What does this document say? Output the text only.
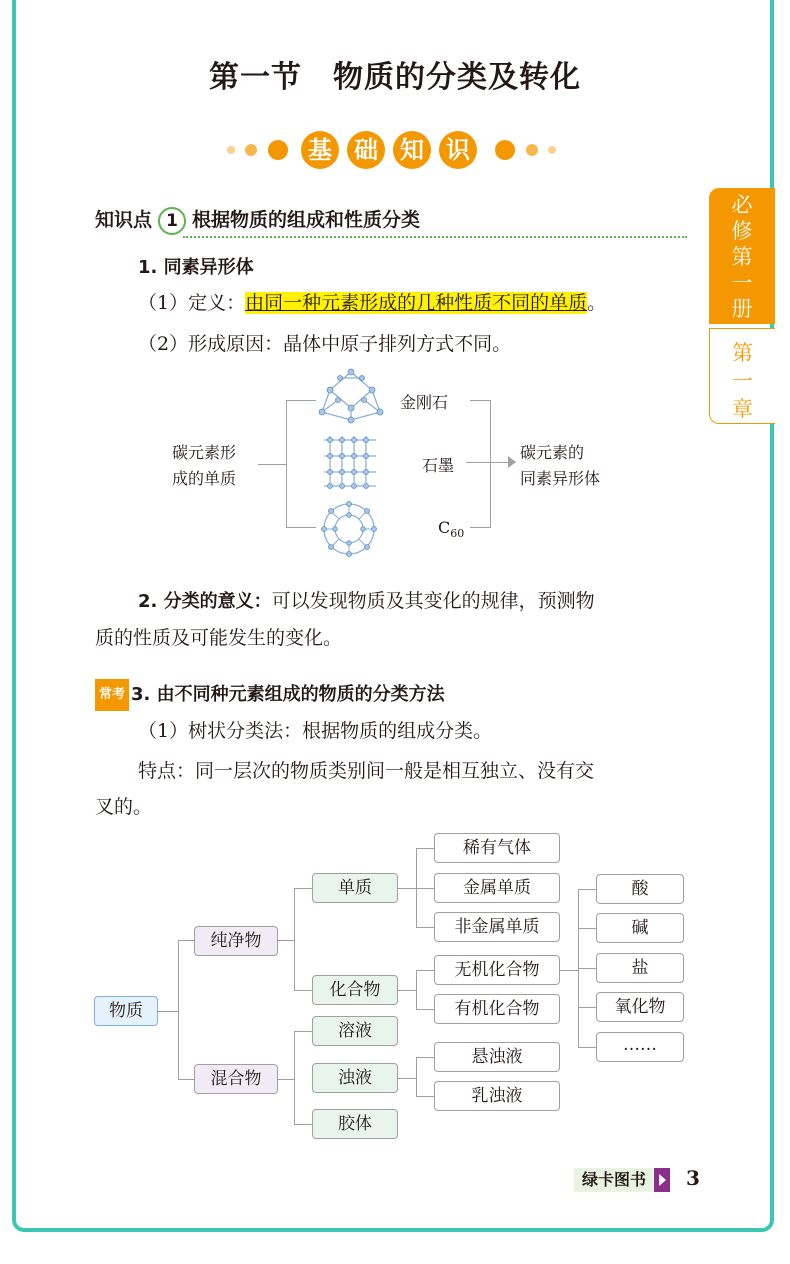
第一节　物质的分类及转化
基 础 知 识
必
修
第
一
册
第
一
章
知识点 1 根据物质的组成和性质分类
1. 同素异形体
（1）定义：由同一种元素形成的几种性质不同的单质。
（2）形成原因：晶体中原子排列方式不同。
碳元素形
成的单质
金刚石
石墨
$C_{60}$
碳元素的
同素异形体
2. 分类的意义：可以发现物质及其变化的规律，预测物
质的性质及可能发生的变化。
常考 3. 由不同种元素组成的物质的分类方法
（1）树状分类法：根据物质的组成分类。
特点：同一层次的物质类别间一般是相互独立、没有交
叉的。
物质
纯净物
混合物
单质
化合物
溶液
浊液
胶体
稀有气体
金属单质
非金属单质
无机化合物
有机化合物
悬浊液
乳浊液
酸
碱
盐
氧化物
……
绿卡图书	3
